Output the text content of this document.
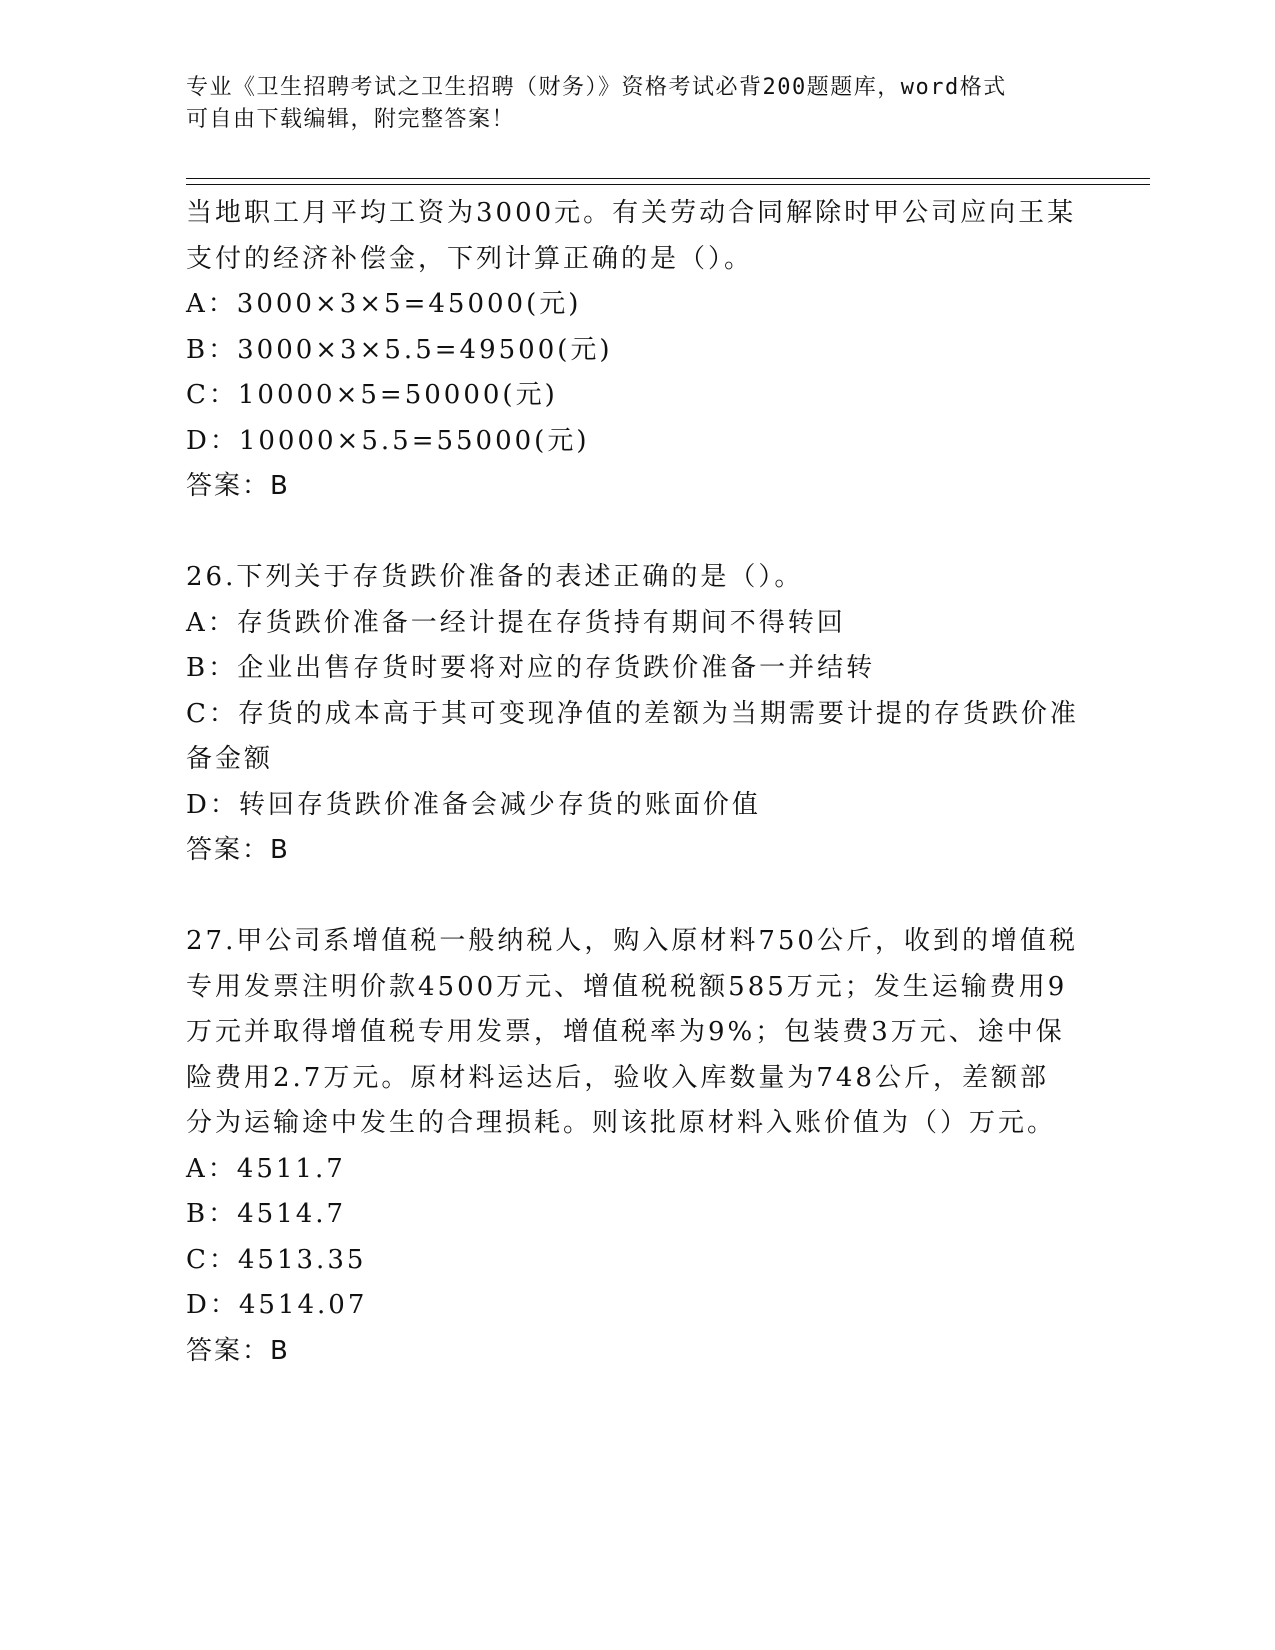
专业《卫生招聘考试之卫生招聘（财务）》资格考试必背200题题库，word格式
可自由下载编辑，附完整答案！
当地职工月平均工资为3000元。有关劳动合同解除时甲公司应向王某
支付的经济补偿金，下列计算正确的是（）。
A：3000×3×5=45000(元)
B：3000×3×5.5=49500(元)
C：10000×5=50000(元)
D：10000×5.5=55000(元)
答案：B
26.下列关于存货跌价准备的表述正确的是（）。
A：存货跌价准备一经计提在存货持有期间不得转回
B：企业出售存货时要将对应的存货跌价准备一并结转
C：存货的成本高于其可变现净值的差额为当期需要计提的存货跌价准
备金额
D：转回存货跌价准备会减少存货的账面价值
答案：B
27.甲公司系增值税一般纳税人，购入原材料750公斤，收到的增值税
专用发票注明价款4500万元、增值税税额585万元；发生运输费用9
万元并取得增值税专用发票，增值税率为9%；包装费3万元、途中保
险费用2.7万元。原材料运达后，验收入库数量为748公斤，差额部
分为运输途中发生的合理损耗。则该批原材料入账价值为（）万元。
A：4511.7
B：4514.7
C：4513.35
D：4514.07
答案：B
